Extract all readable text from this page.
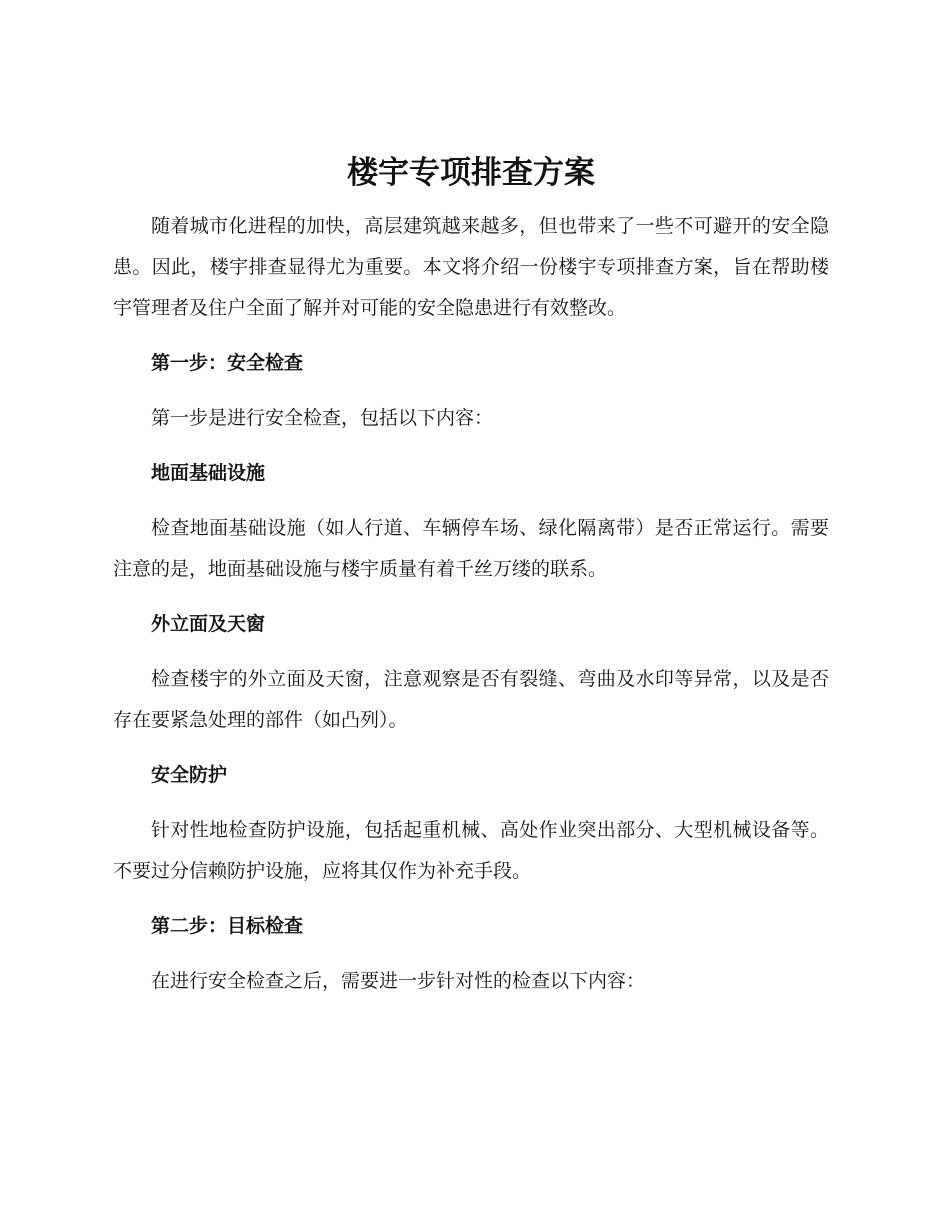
楼宇专项排查方案

随着城市化进程的加快，高层建筑越来越多，但也带来了一些不可避开的安全隐患。因此，楼宇排查显得尤为重要。本文将介绍一份楼宇专项排查方案，旨在帮助楼宇管理者及住户全面了解并对可能的安全隐患进行有效整改。

第一步：安全检查

第一步是进行安全检查，包括以下内容：

地面基础设施

检查地面基础设施（如人行道、车辆停车场、绿化隔离带）是否正常运行。需要注意的是，地面基础设施与楼宇质量有着千丝万缕的联系。

外立面及天窗

检查楼宇的外立面及天窗，注意观察是否有裂缝、弯曲及水印等异常，以及是否存在要紧急处理的部件（如凸列）。

安全防护

针对性地检查防护设施，包括起重机械、高处作业突出部分、大型机械设备等。不要过分信赖防护设施，应将其仅作为补充手段。

第二步：目标检查

在进行安全检查之后，需要进一步针对性的检查以下内容：
